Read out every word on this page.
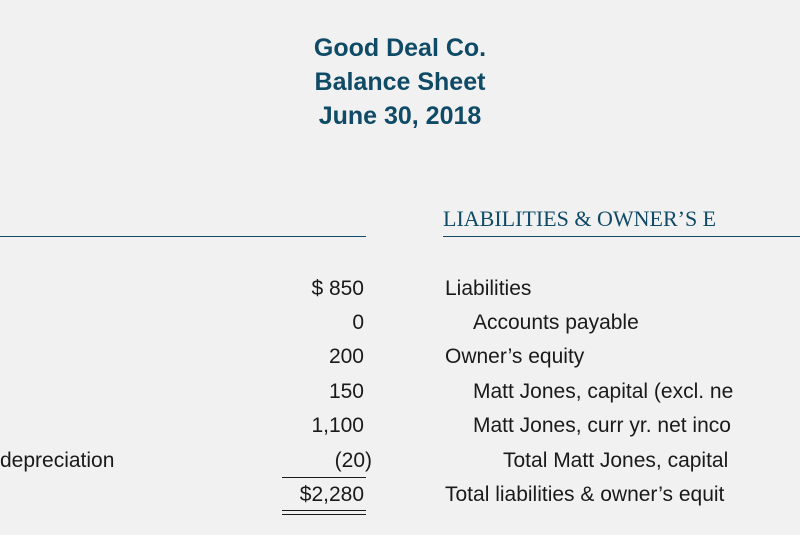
Good Deal Co.
Balance Sheet
June 30, 2018
LIABILITIES & OWNER’S E
depreciation
$ 850
0
200
150
1,100
(20)
$2,280
Liabilities
Accounts payable
Owner’s equity
Matt Jones, capital (excl. ne
Matt Jones, curr yr. net inco
Total Matt Jones, capital
Total liabilities & owner’s equit
